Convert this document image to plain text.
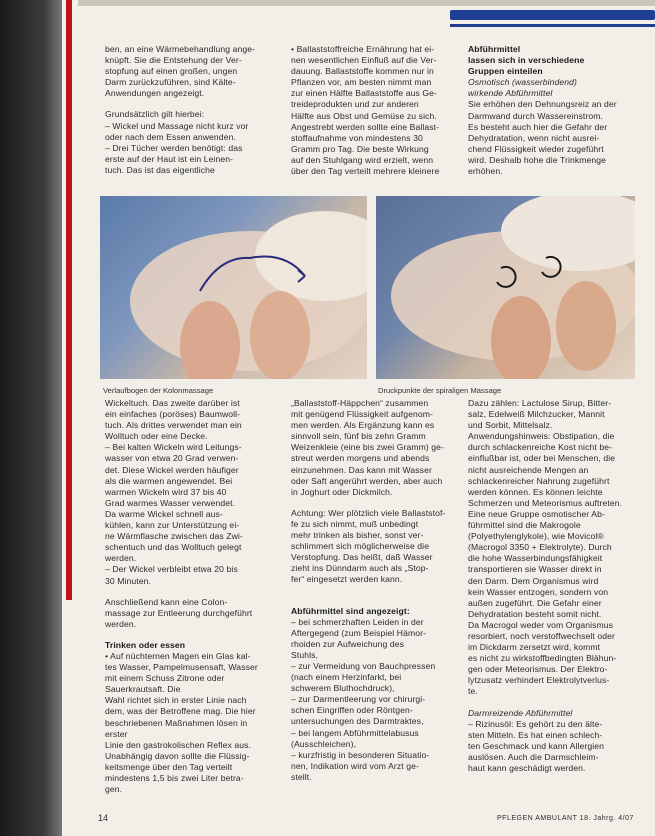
ben, an eine Wärmebehandlung ange-
knüpft. Sie die Entstehung der Ver-
stopfung auf einen großen, ungen
Darm zurückzuführen, sind Kälte-
Anwendungen angezeigt.
Grundsätzlich gilt hierbei:
– Wickel und Massage nicht kurz vor
oder nach dem Essen anwenden.
– Drei Tücher werden benötigt: das
erste auf der Haut ist ein Leinen-
tuch. Das ist das eigentliche
• Ballaststoffreiche Ernährung hat ei-
nen wesentlichen Einfluß auf die Ver-
dauung. Ballaststoffe kommen nur in
Pflanzen vor, am besten nimmt man
zur einen Hälfte Ballaststoffe aus Ge-
treideprodukten und zur anderen
Hälfte aus Obst und Gemüse zu sich.
Angestrebt werden sollte eine Ballast-
stoffaufnahme von mindestens 30
Gramm pro Tag. Die beste Wirkung
auf den Stuhlgang wird erzielt, wenn
über den Tag verteilt mehrere kleinere
Abführmittel
lassen sich in verschiedene
Gruppen einteilen
Osmotisch (wasserbindend)
wirkende Abführmittel
Sie erhöhen den Dehnungsreiz an der
Darmwand durch Wassereinstrom.
Es besteht auch hier die Gefahr der
Dehydratation, wenn nicht ausrei-
chend Flüssigkeit wieder zugeführt
wird. Deshalb hohe die Trinkmenge
erhöhen.
Verlaufbogen der Kolonmassage	Druckpunkte der spiraligen Massage
Wickeltuch. Das zweite darüber ist
ein einfaches (poröses) Baumwoll-
tuch. Als drittes verwendet man ein
Wolltuch oder eine Decke.
– Bei kalten Wickeln wird Leitungs-
wasser von etwa 20 Grad verwen-
det. Diese Wickel werden häufiger
als die warmen angewendet. Bei
warmen Wickeln wird 37 bis 40
Grad warmes Wasser verwendet.
Da warme Wickel schnell aus-
kühlen, kann zur Unterstützung ei-
ne Wärmflasche zwischen das Zwi-
schentuch und das Wolltuch gelegt
werden.
– Der Wickel verbleibt etwa 20 bis
30 Minuten.
Anschließend kann eine Colon-
massage zur Entleerung durchgeführt
werden.
Trinken oder essen
• Auf nüchternen Magen ein Glas kal-
tes Wasser, Pampelmusensaft, Wasser
mit einem Schuss Zitrone oder Sauerkrautsaft. Die
Wahl richtet sich in erster Linie nach
dem, was der Betroffene mag. Die hier
beschriebenen Maßnahmen lösen in erster
Linie den gastrokolischen Reflex aus.
Unabhängig davon sollte die Flüssig-
keitsmenge über den Tag verteilt
mindestens 1,5 bis zwei Liter betra-
gen.
„Ballaststoff-Häppchen“ zusammen
mit genügend Flüssigkeit aufgenom-
men werden. Als Ergänzung kann es
sinnvoll sein, fünf bis zehn Gramm
Weizenkleie (eine bis zwei Gramm) ge-
streut werden morgens und abends
einzunehmen. Das kann mit Wasser
oder Saft angerührt werden, aber auch
in Joghurt oder Dickmilch.
Achtung: Wer plötzlich viele Ballaststof-
fe zu sich nimmt, muß unbedingt
mehr trinken als bisher, sonst ver-
schlimmert sich möglicherweise die
Verstopfung. Das heißt, daß Wasser
zieht ins Dünndarm auch als „Stop-
fer“ eingesetzt werden kann.
Abführmittel sind angezeigt:
– bei schmerzhaften Leiden in der
Aftergegend (zum Beispiel Hämor-
rhoiden zur Aufweichung des
Stuhls,
– zur Vermeidung von Bauchpressen
(nach einem Herzinfarkt, bei
schwerem Bluthochdruck),
– zur Darmentleerung vor chirurgi-
schen Eingriffen oder Röntgen-
untersuchungen des Darmtraktes,
– bei langem Abführmittelabusus
(Ausschleichen),
– kurzfristig in besonderen Situatio-
nen, Indikation wird vom Arzt ge-
stellt.
Dazu zählen: Lactulose Sirup, Bitter-
salz, Edelweiß Milchzucker, Mannit
und Sorbit, Mittelsalz.
Anwendungshinweis: Obstipation, die
durch schlackenreiche Kost nicht be-
einflußbar ist, oder bei Menschen, die
nicht ausreichende Mengen an
schlackenreicher Nahrung zugeführt
werden können. Es können leichte
Schmerzen und Meteorismus auftreten.
Eine neue Gruppe osmotischer Ab-
führmittel sind die Makrogole
(Polyethylenglykole), wie Movicol®
(Macrogol 3350 + Elektrolyte). Durch
die hohe Wasserbindungsfähigkeit
transportieren sie Wasser direkt in
den Darm. Dem Organismus wird
kein Wasser entzogen, sondern von
außen zugeführt. Die Gefahr einer
Dehydratation besteht somit nicht.
Da Macrogol weder vom Organismus
resorbiert, noch verstoffwechselt oder
im Dickdarm zersetzt wird, kommt
es nicht zu wirkstoffbedingten Blähun-
gen oder Meteorismus. Der Elektro-
lytzusatz verhindert Elektrolytverlus-
te.
Darmreizende Abführmittel
– Rizinusöl: Es gehört zu den älte-
sten Mitteln. Es hat einen schlech-
ten Geschmack und kann Allergien
auslösen. Auch die Darmschleim-
haut kann geschädigt werden.
14	PFLEGEN AMBULANT 18. Jahrg. 4/07
